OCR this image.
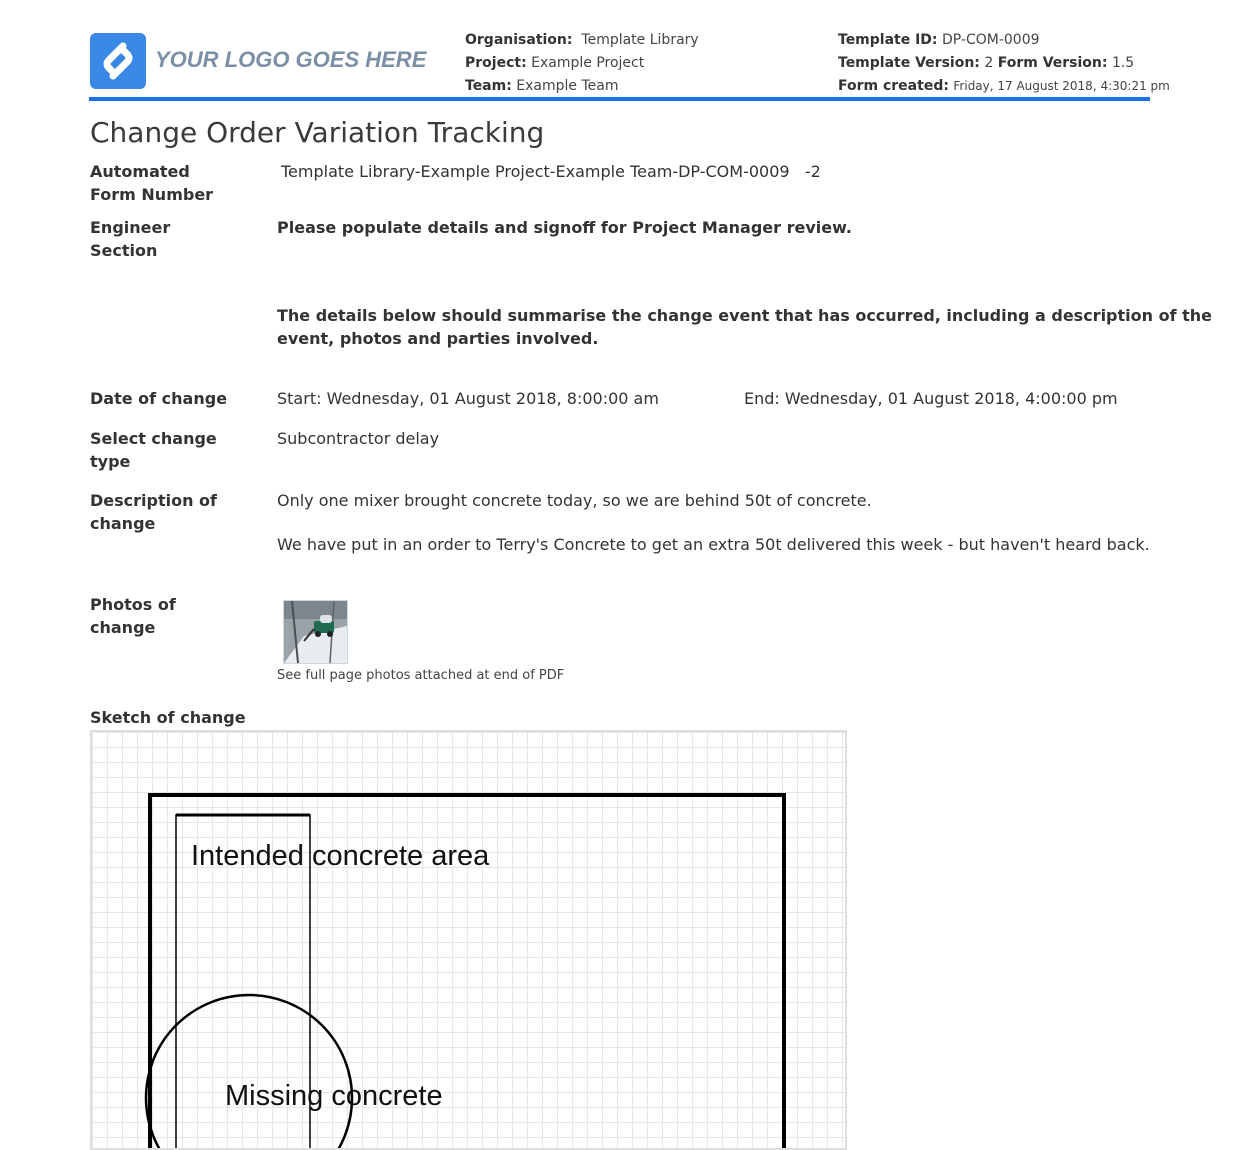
YOUR LOGO GOES HERE
Organisation: Template Library
Project: Example Project
Team: Example Team
Template ID: DP-COM-0009
Template Version: 2 Form Version: 1.5
Form created: Friday, 17 August 2018, 4:30:21 pm
Change Order Variation Tracking
Automated
Form Number
Template Library-Example Project-Example Team-DP-COM-0009   -2
Engineer
Section
Please populate details and signoff for Project Manager review.
The details below should summarise the change event that has occurred, including a description of the
event, photos and parties involved.
Date of change	Start: Wednesday, 01 August 2018, 8:00:00 am	End: Wednesday, 01 August 2018, 4:00:00 pm
Select change
type
Subcontractor delay
Description of
change
Only one mixer brought concrete today, so we are behind 50t of concrete.
We have put in an order to Terry's Concrete to get an extra 50t delivered this week - but haven't heard back.
Photos of
change
See full page photos attached at end of PDF
Sketch of change
Intended concrete area
Missing concrete
